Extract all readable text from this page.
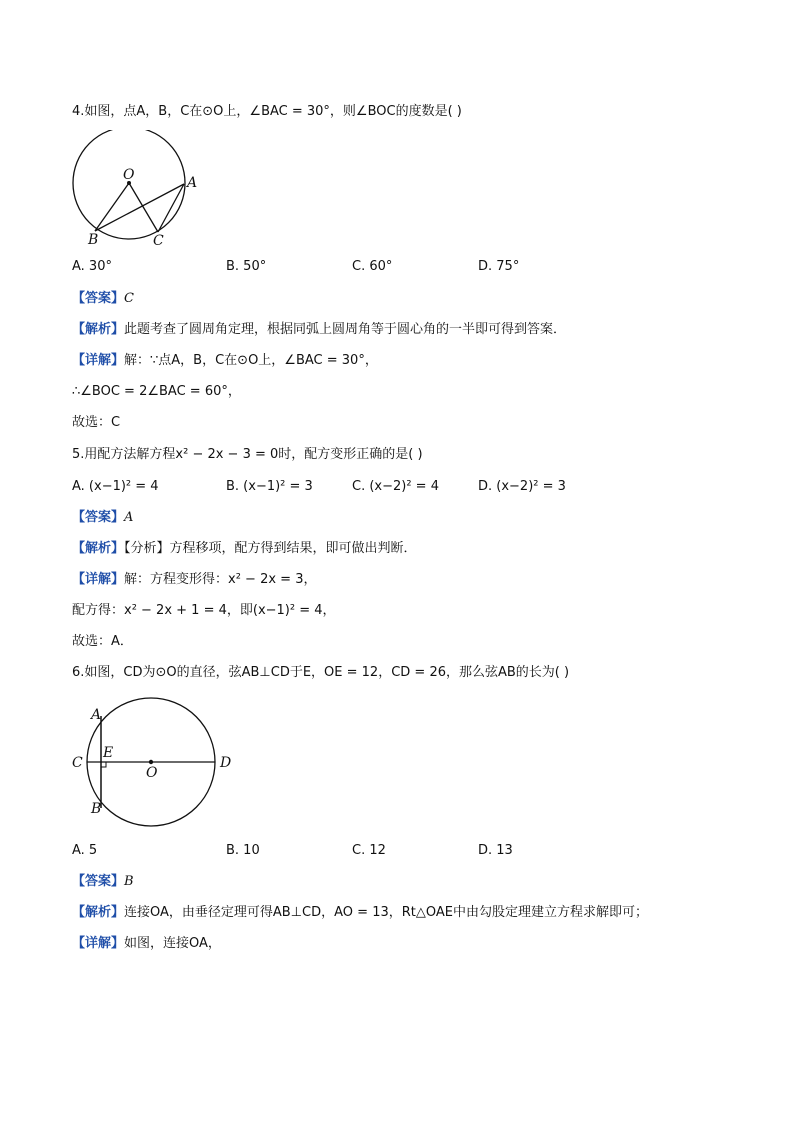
4.如图，点A，B，C在⊙O上，∠BAC = 30°，则∠BOC的度数是( )
O	A
B	C
A. 30°	B. 50°	C. 60°	D. 75°
【答案】C
【解析】此题考查了圆周角定理，根据同弧上圆周角等于圆心角的一半即可得到答案．
【详解】解：∵点A，B，C在⊙O上，∠BAC = 30°，
∴∠BOC = 2∠BAC = 60°，
故选：C
5.用配方法解方程x² − 2x − 3 = 0时，配方变形正确的是( )
A. (x−1)² = 4	B. (x−1)² = 3	C. (x−2)² = 4	D. (x−2)² = 3
【答案】A
【解析】【分析】方程移项，配方得到结果，即可做出判断．
【详解】解：方程变形得：x² − 2x = 3，
配方得：x² − 2x + 1 = 4，即(x−1)² = 4，
故选：A．
6.如图，CD为⊙O的直径，弦AB⊥CD于E，OE = 12，CD = 26，那么弦AB的长为( )
A
B
C	D
E
O
A. 5	B. 10	C. 12	D. 13
【答案】B
【解析】连接OA，由垂径定理可得AB⊥CD，AO = 13，Rt△OAE中由勾股定理建立方程求解即可；
【详解】如图，连接OA，
